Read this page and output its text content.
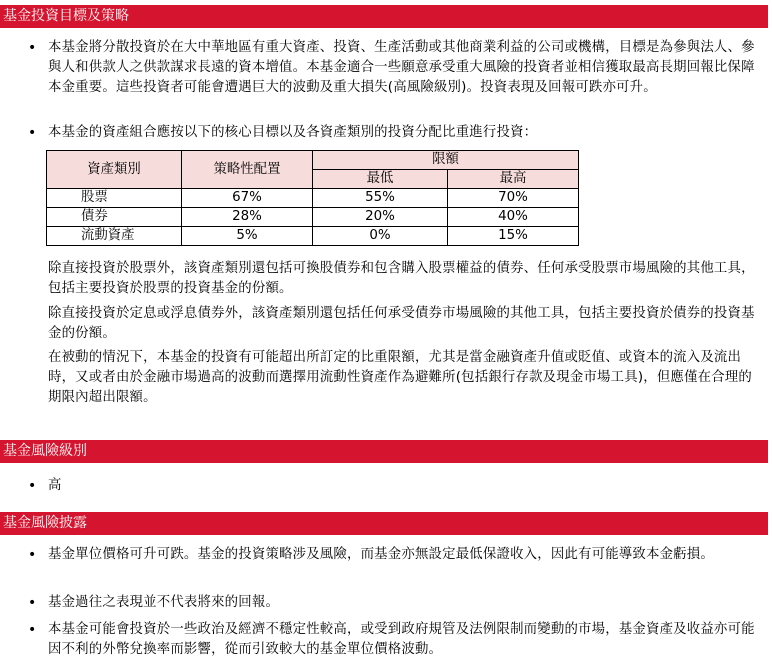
基金投資目標及策略
• 本基金將分散投資於在大中華地區有重大資產、投資、生產活動或其他商業利益的公司或機構，目標是為參與法人、參與人和供款人之供款謀求長遠的資本增值。本基金適合一些願意承受重大風險的投資者並相信獲取最高長期回報比保障本金重要。這些投資者可能會遭遇巨大的波動及重大損失(高風險級別)。投資表現及回報可跌亦可升。
• 本基金的資產組合應按以下的核心目標以及各資產類別的投資分配比重進行投資：
資產類別	策略性配置	限額	
		最低	最高
股票	67%	55%	70%
債券	28%	20%	40%
流動資產	5%	0%	15%
除直接投資於股票外，該資產類別還包括可換股債券和包含購入股票權益的債券、任何承受股票市場風險的其他工具，包括主要投資於股票的投資基金的份額。
除直接投資於定息或浮息債券外，該資產類別還包括任何承受債券市場風險的其他工具，包括主要投資於債券的投資基金的份額。
在被動的情況下，本基金的投資有可能超出所訂定的比重限額，尤其是當金融資產升值或貶值、或資本的流入及流出時，又或者由於金融市場過高的波動而選擇用流動性資產作為避難所(包括銀行存款及現金市場工具)，但應僅在合理的期限內超出限額。
基金風險級別
• 高
基金風險披露
• 基金單位價格可升可跌。基金的投資策略涉及風險，而基金亦無設定最低保證收入，因此有可能導致本金虧損。
• 基金過往之表現並不代表將來的回報。
• 本基金可能會投資於一些政治及經濟不穩定性較高，或受到政府規管及法例限制而變動的市場，基金資產及收益亦可能因不利的外幣兌換率而影響，從而引致較大的基金單位價格波動。
